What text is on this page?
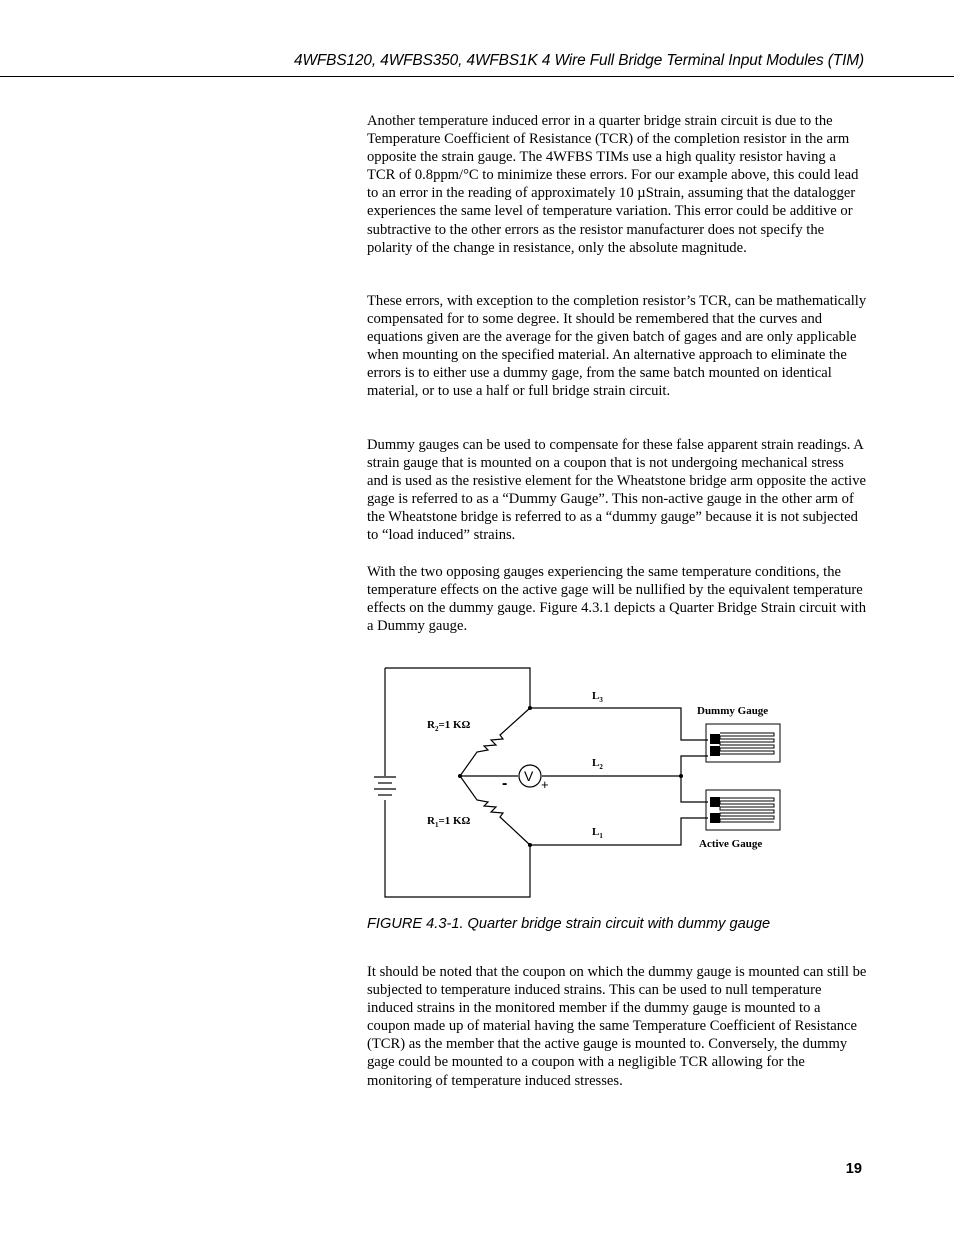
4WFBS120, 4WFBS350, 4WFBS1K 4 Wire Full Bridge Terminal Input Modules (TIM)

Another temperature induced error in a quarter bridge strain circuit is due to the Temperature Coefficient of Resistance (TCR) of the completion resistor in the arm opposite the strain gauge. The 4WFBS TIMs use a high quality resistor having a TCR of 0.8ppm/°C to minimize these errors. For our example above, this could lead to an error in the reading of approximately 10 µStrain, assuming that the datalogger experiences the same level of temperature variation. This error could be additive or subtractive to the other errors as the resistor manufacturer does not specify the polarity of the change in resistance, only the absolute magnitude.

These errors, with exception to the completion resistor’s TCR, can be mathematically compensated for to some degree. It should be remembered that the curves and equations given are the average for the given batch of gages and are only applicable when mounting on the specified material. An alternative approach to eliminate the errors is to either use a dummy gage, from the same batch mounted on identical material, or to use a half or full bridge strain circuit.

Dummy gauges can be used to compensate for these false apparent strain readings. A strain gauge that is mounted on a coupon that is not undergoing mechanical stress and is used as the resistive element for the Wheatstone bridge arm opposite the active gage is referred to as a “Dummy Gauge”. This non-active gauge in the other arm of the Wheatstone bridge is referred to as a “dummy gauge” because it is not subjected to “load induced” strains.

With the two opposing gauges experiencing the same temperature conditions, the temperature effects on the active gage will be nullified by the equivalent temperature effects on the dummy gauge. Figure 4.3.1 depicts a Quarter Bridge Strain circuit with a Dummy gauge.

V
-	+
$R_2=1$ KΩ
$R_1=1$ KΩ
$L_3$
$L_2$
$L_1$
Dummy Gauge
Active Gauge
FIGURE 4.3-1. Quarter bridge strain circuit with dummy gauge

It should be noted that the coupon on which the dummy gauge is mounted can still be subjected to temperature induced strains. This can be used to null temperature induced strains in the monitored member if the dummy gauge is mounted to a coupon made up of material having the same Temperature Coefficient of Resistance (TCR) as the member that the active gauge is mounted to. Conversely, the dummy gage could be mounted to a coupon with a negligible TCR allowing for the monitoring of temperature induced stresses.

19
